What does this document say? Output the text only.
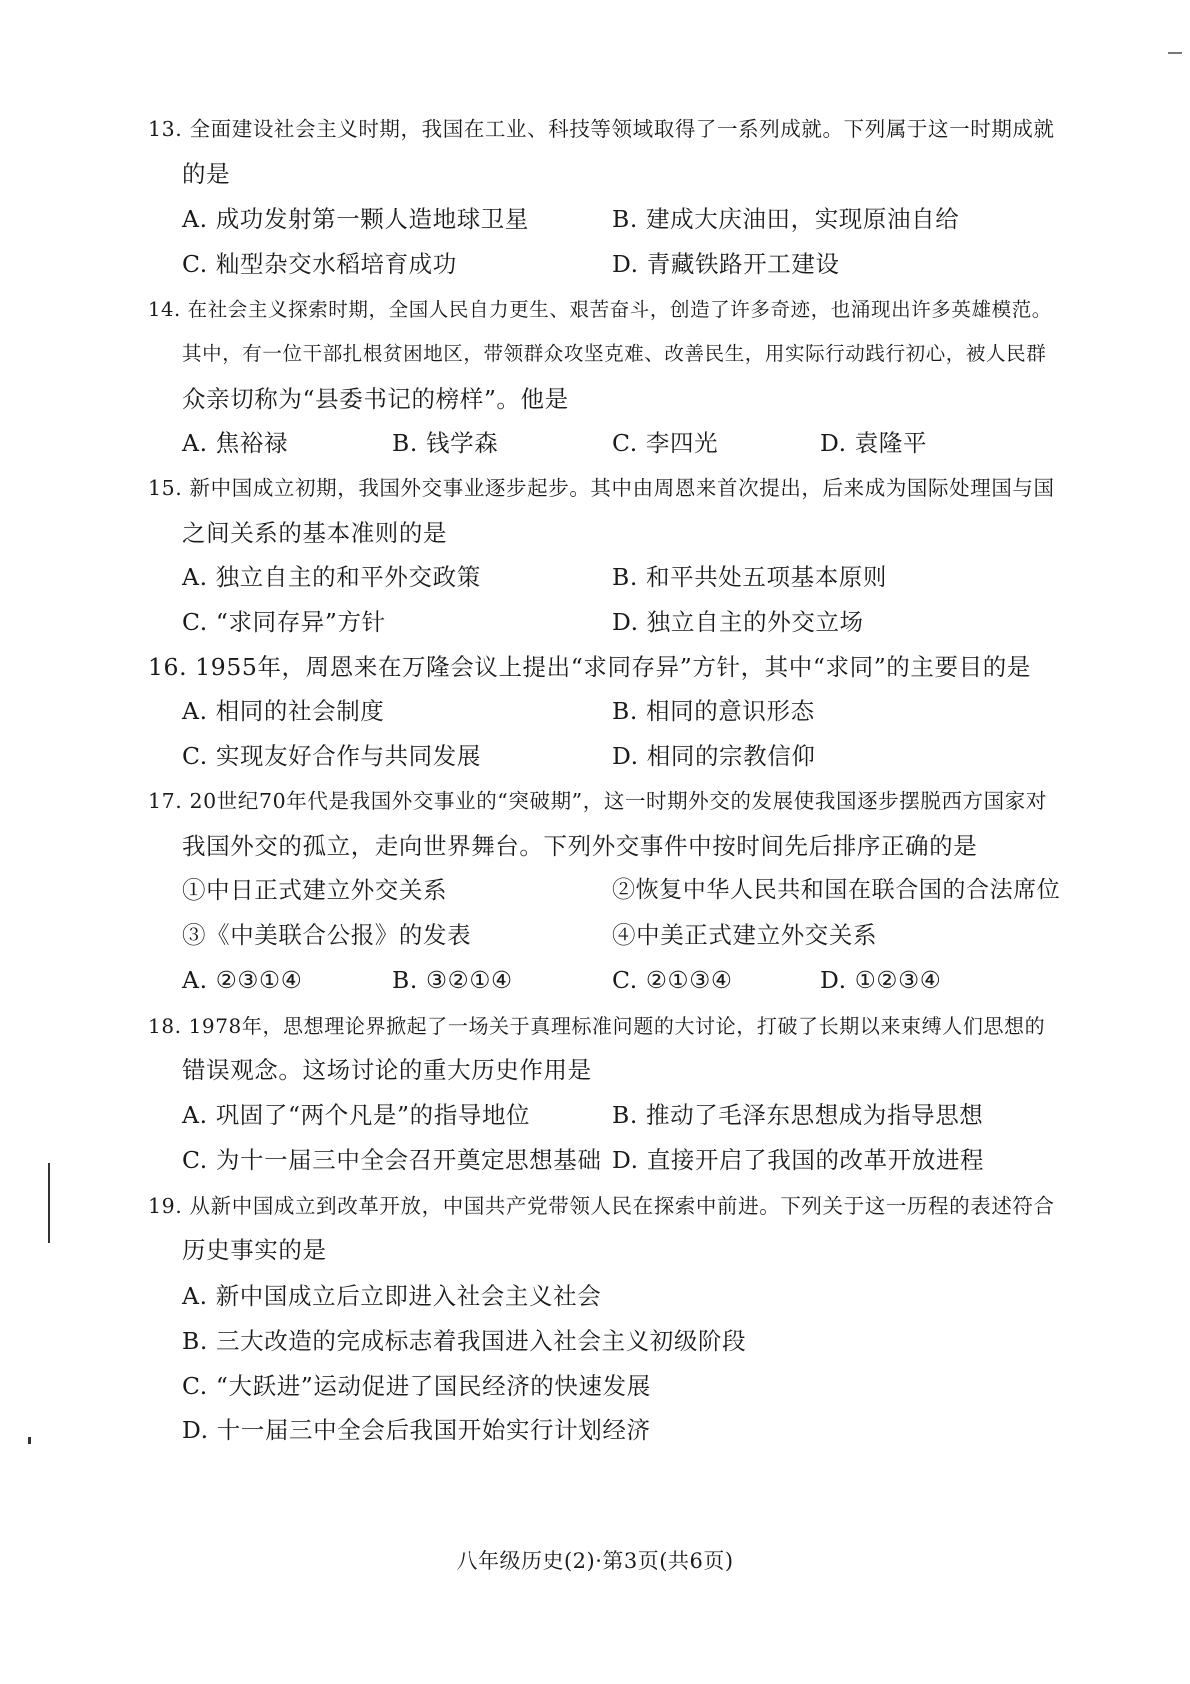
13. 全面建设社会主义时期，我国在工业、科技等领域取得了一系列成就。下列属于这一时期成就
的是
A. 成功发射第一颗人造地球卫星	B. 建成大庆油田，实现原油自给
C. 籼型杂交水稻培育成功	D. 青藏铁路开工建设
14. 在社会主义探索时期，全国人民自力更生、艰苦奋斗，创造了许多奇迹，也涌现出许多英雄模范。
其中，有一位干部扎根贫困地区，带领群众攻坚克难、改善民生，用实际行动践行初心，被人民群
众亲切称为“县委书记的榜样”。他是
A. 焦裕禄	B. 钱学森	C. 李四光	D. 袁隆平
15. 新中国成立初期，我国外交事业逐步起步。其中由周恩来首次提出，后来成为国际处理国与国
之间关系的基本准则的是
A. 独立自主的和平外交政策	B. 和平共处五项基本原则
C. “求同存异”方针	D. 独立自主的外交立场
16. 1955年，周恩来在万隆会议上提出“求同存异”方针，其中“求同”的主要目的是
A. 相同的社会制度	B. 相同的意识形态
C. 实现友好合作与共同发展	D. 相同的宗教信仰
17. 20世纪70年代是我国外交事业的“突破期”，这一时期外交的发展使我国逐步摆脱西方国家对
我国外交的孤立，走向世界舞台。下列外交事件中按时间先后排序正确的是
①中日正式建立外交关系	②恢复中华人民共和国在联合国的合法席位
③《中美联合公报》的发表	④中美正式建立外交关系
A. ②③①④	B. ③②①④	C. ②①③④	D. ①②③④
18. 1978年，思想理论界掀起了一场关于真理标准问题的大讨论，打破了长期以来束缚人们思想的
错误观念。这场讨论的重大历史作用是
A. 巩固了“两个凡是”的指导地位	B. 推动了毛泽东思想成为指导思想
C. 为十一届三中全会召开奠定思想基础 D. 直接开启了我国的改革开放进程
19. 从新中国成立到改革开放，中国共产党带领人民在探索中前进。下列关于这一历程的表述符合
历史事实的是
A. 新中国成立后立即进入社会主义社会
B. 三大改造的完成标志着我国进入社会主义初级阶段
C. “大跃进”运动促进了国民经济的快速发展
D. 十一届三中全会后我国开始实行计划经济
八年级历史(2)·第3页(共6页)
